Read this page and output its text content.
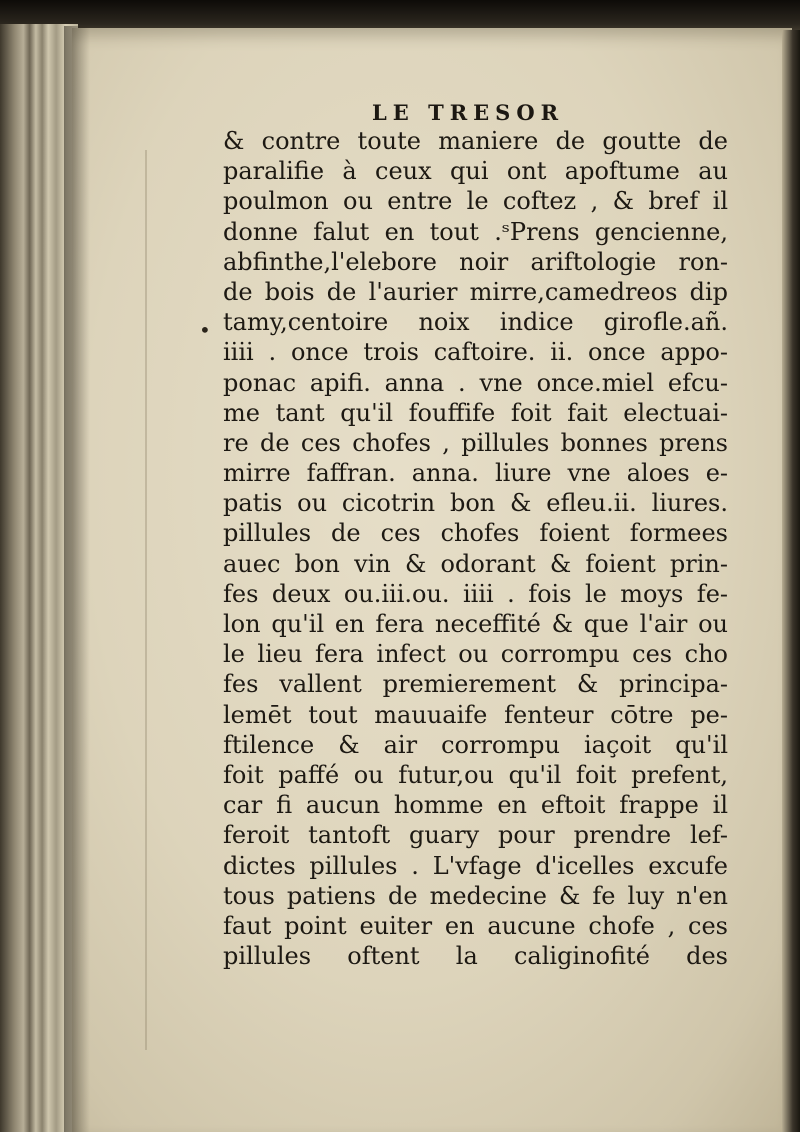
LE TRESOR
•
& contre toute maniere de goutte de
paralifie à ceux qui ont apoftume au
poulmon ou entre le coftez , & bref il
donne falut en tout .ˢPrens gencienne,
abfinthe,l'elebore noir ariftologie ron-
de bois de l'aurier mirre,camedreos dip
tamy,centoire noix indice girofle.añ.
iiii . once trois caftoire. ii. once appo-
ponac apifi. anna . vne once.miel efcu-
me tant qu'il fouffife foit fait electuai-
re de ces chofes , pillules bonnes prens
mirre faffran. anna. liure vne aloes e-
patis ou cicotrin bon & efleu.ii. liures.
pillules de ces chofes foient formees
auec bon vin & odorant & foient prin-
fes deux ou.iii.ou. iiii . fois le moys fe-
lon qu'il en fera neceffité & que l'air ou
le lieu fera infect ou corrompu ces cho
fes vallent premierement & principa-
lemēt tout mauuaife fenteur cōtre pe-
ftilence & air corrompu iaçoit qu'il
foit paffé ou futur,ou qu'il foit prefent,
car fi aucun homme en eftoit frappe il
feroit tantoft guary pour prendre lef-
dictes pillules . L'vfage d'icelles excufe
tous patiens de medecine & fe luy n'en
faut point euiter en aucune chofe , ces
pillules oftent la caliginofité des
